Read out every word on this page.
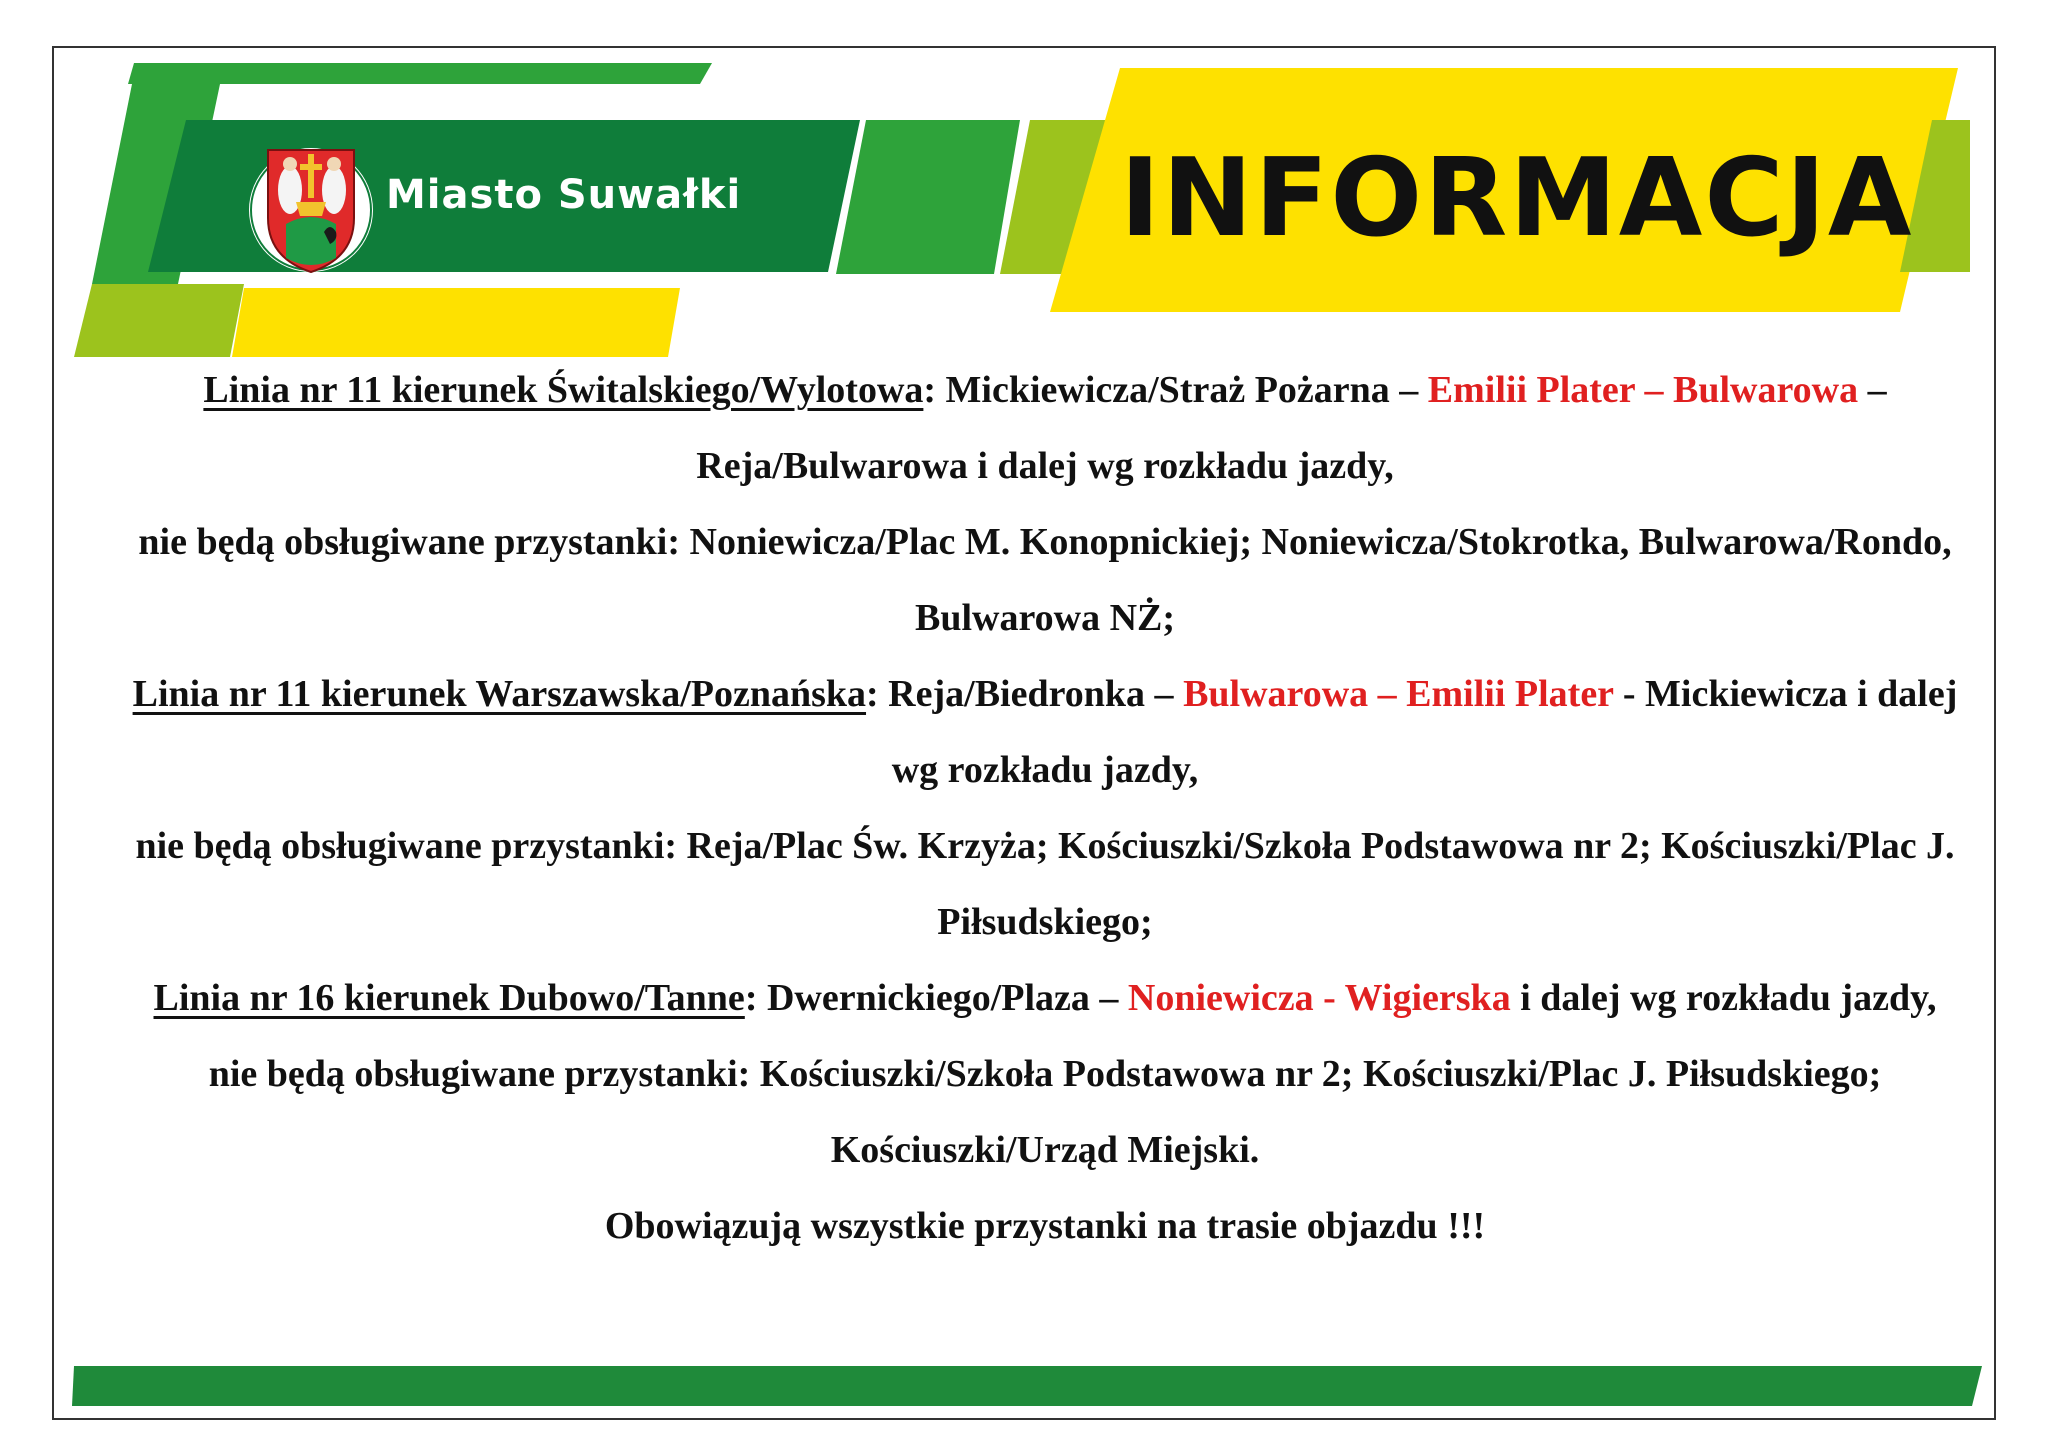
Miasto Suwałki	INFORMACJA

Linia nr 11 kierunek Świtalskiego/Wylotowa: Mickiewicza/Straż Pożarna – Emilii Plater – Bulwarowa – Reja/Bulwarowa i dalej wg rozkładu jazdy,

nie będą obsługiwane przystanki: Noniewicza/Plac M. Konopnickiej; Noniewicza/Stokrotka, Bulwarowa/Rondo, Bulwarowa NŻ;

Linia nr 11 kierunek Warszawska/Poznańska: Reja/Biedronka – Bulwarowa – Emilii Plater - Mickiewicza i dalej wg rozkładu jazdy,

nie będą obsługiwane przystanki: Reja/Plac Św. Krzyża; Kościuszki/Szkoła Podstawowa nr 2; Kościuszki/Plac J. Piłsudskiego;

Linia nr 16 kierunek Dubowo/Tanne: Dwernickiego/Plaza – Noniewicza - Wigierska i dalej wg rozkładu jazdy,

nie będą obsługiwane przystanki: Kościuszki/Szkoła Podstawowa nr 2; Kościuszki/Plac J. Piłsudskiego; Kościuszki/Urząd Miejski.

Obowiązują wszystkie przystanki na trasie objazdu !!!
